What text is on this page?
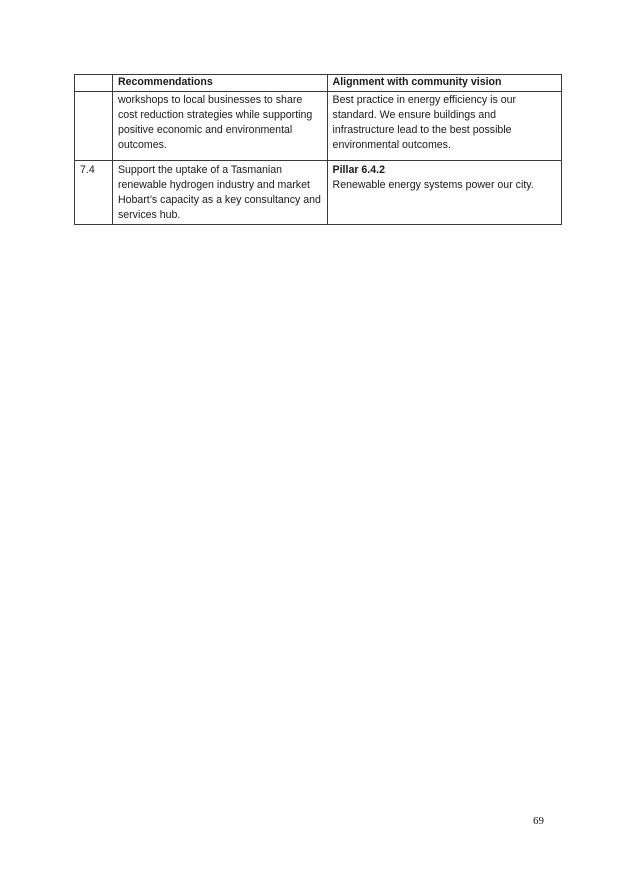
	Recommendations	Alignment with community vision
	workshops to local businesses to share cost reduction strategies while supporting positive economic and environmental outcomes.	Best practice in energy efficiency is our standard. We ensure buildings and infrastructure lead to the best possible environmental outcomes.
7.4	Support the uptake of a Tasmanian renewable hydrogen industry and market Hobart’s capacity as a key consultancy and services hub.	Pillar 6.4.2
Renewable energy systems power our city.
69
